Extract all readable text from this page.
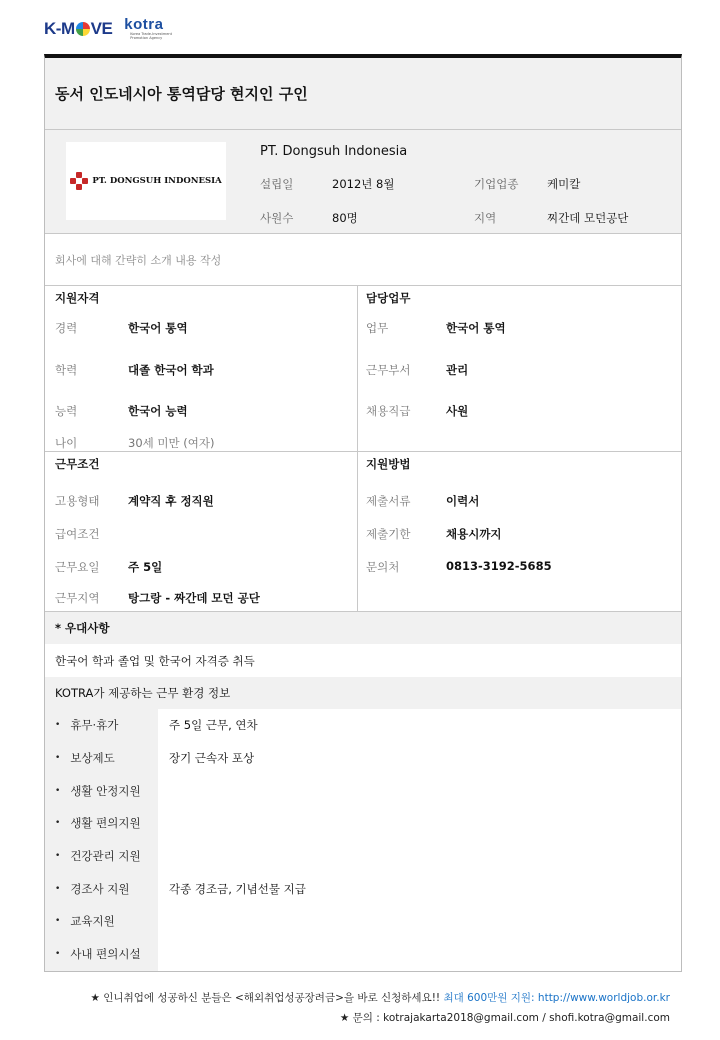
K -M VE kotra
Korea Trade-Investment Promotion Agency
동서 인도네시아 통역담당 현지인 구인
PT. DONGSUH INDONESIA
PT. Dongsuh Indonesia
설립일	2012년 8월	기업업종 케미칼
사원수	80명	지역	찌간데 모던공단
회사에 대해 간략히 소개 내용 작성
지원자격
경력	한국어 통역
학력	대졸 한국어 학과
능력	한국어 능력
나이	30세 미만 (여자)
담당업무
업무	한국어 통역
근무부서	관리
채용직급	사원
근무조건
고용형태	계약직 후 정직원
급여조건
근무요일	주 5일
근무지역	탕그랑 - 짜간데 모던 공단
지원방법
제출서류	이력서
제출기한	채용시까지
문의처	0813-3192-5685
* 우대사항
한국어 학과 졸업 및 한국어 자격증 취득
KOTRA가 제공하는 근무 환경 정보
• 휴무·휴가	주 5일 근무, 연차
• 보상제도	장기 근속자 포상
• 생활 안정지원
• 생활 편의지원
• 건강관리 지원
• 경조사 지원	각종 경조금, 기념선물 지급
• 교육지원
• 사내 편의시설
★ 인니취업에 성공하신 분들은 <해외취업성공장려금>을 바로 신청하세요!! 최대 600만원 지원: http://www.worldjob.or.kr
★ 문의 : kotrajakarta2018@gmail.com / shofi.kotra@gmail.com
